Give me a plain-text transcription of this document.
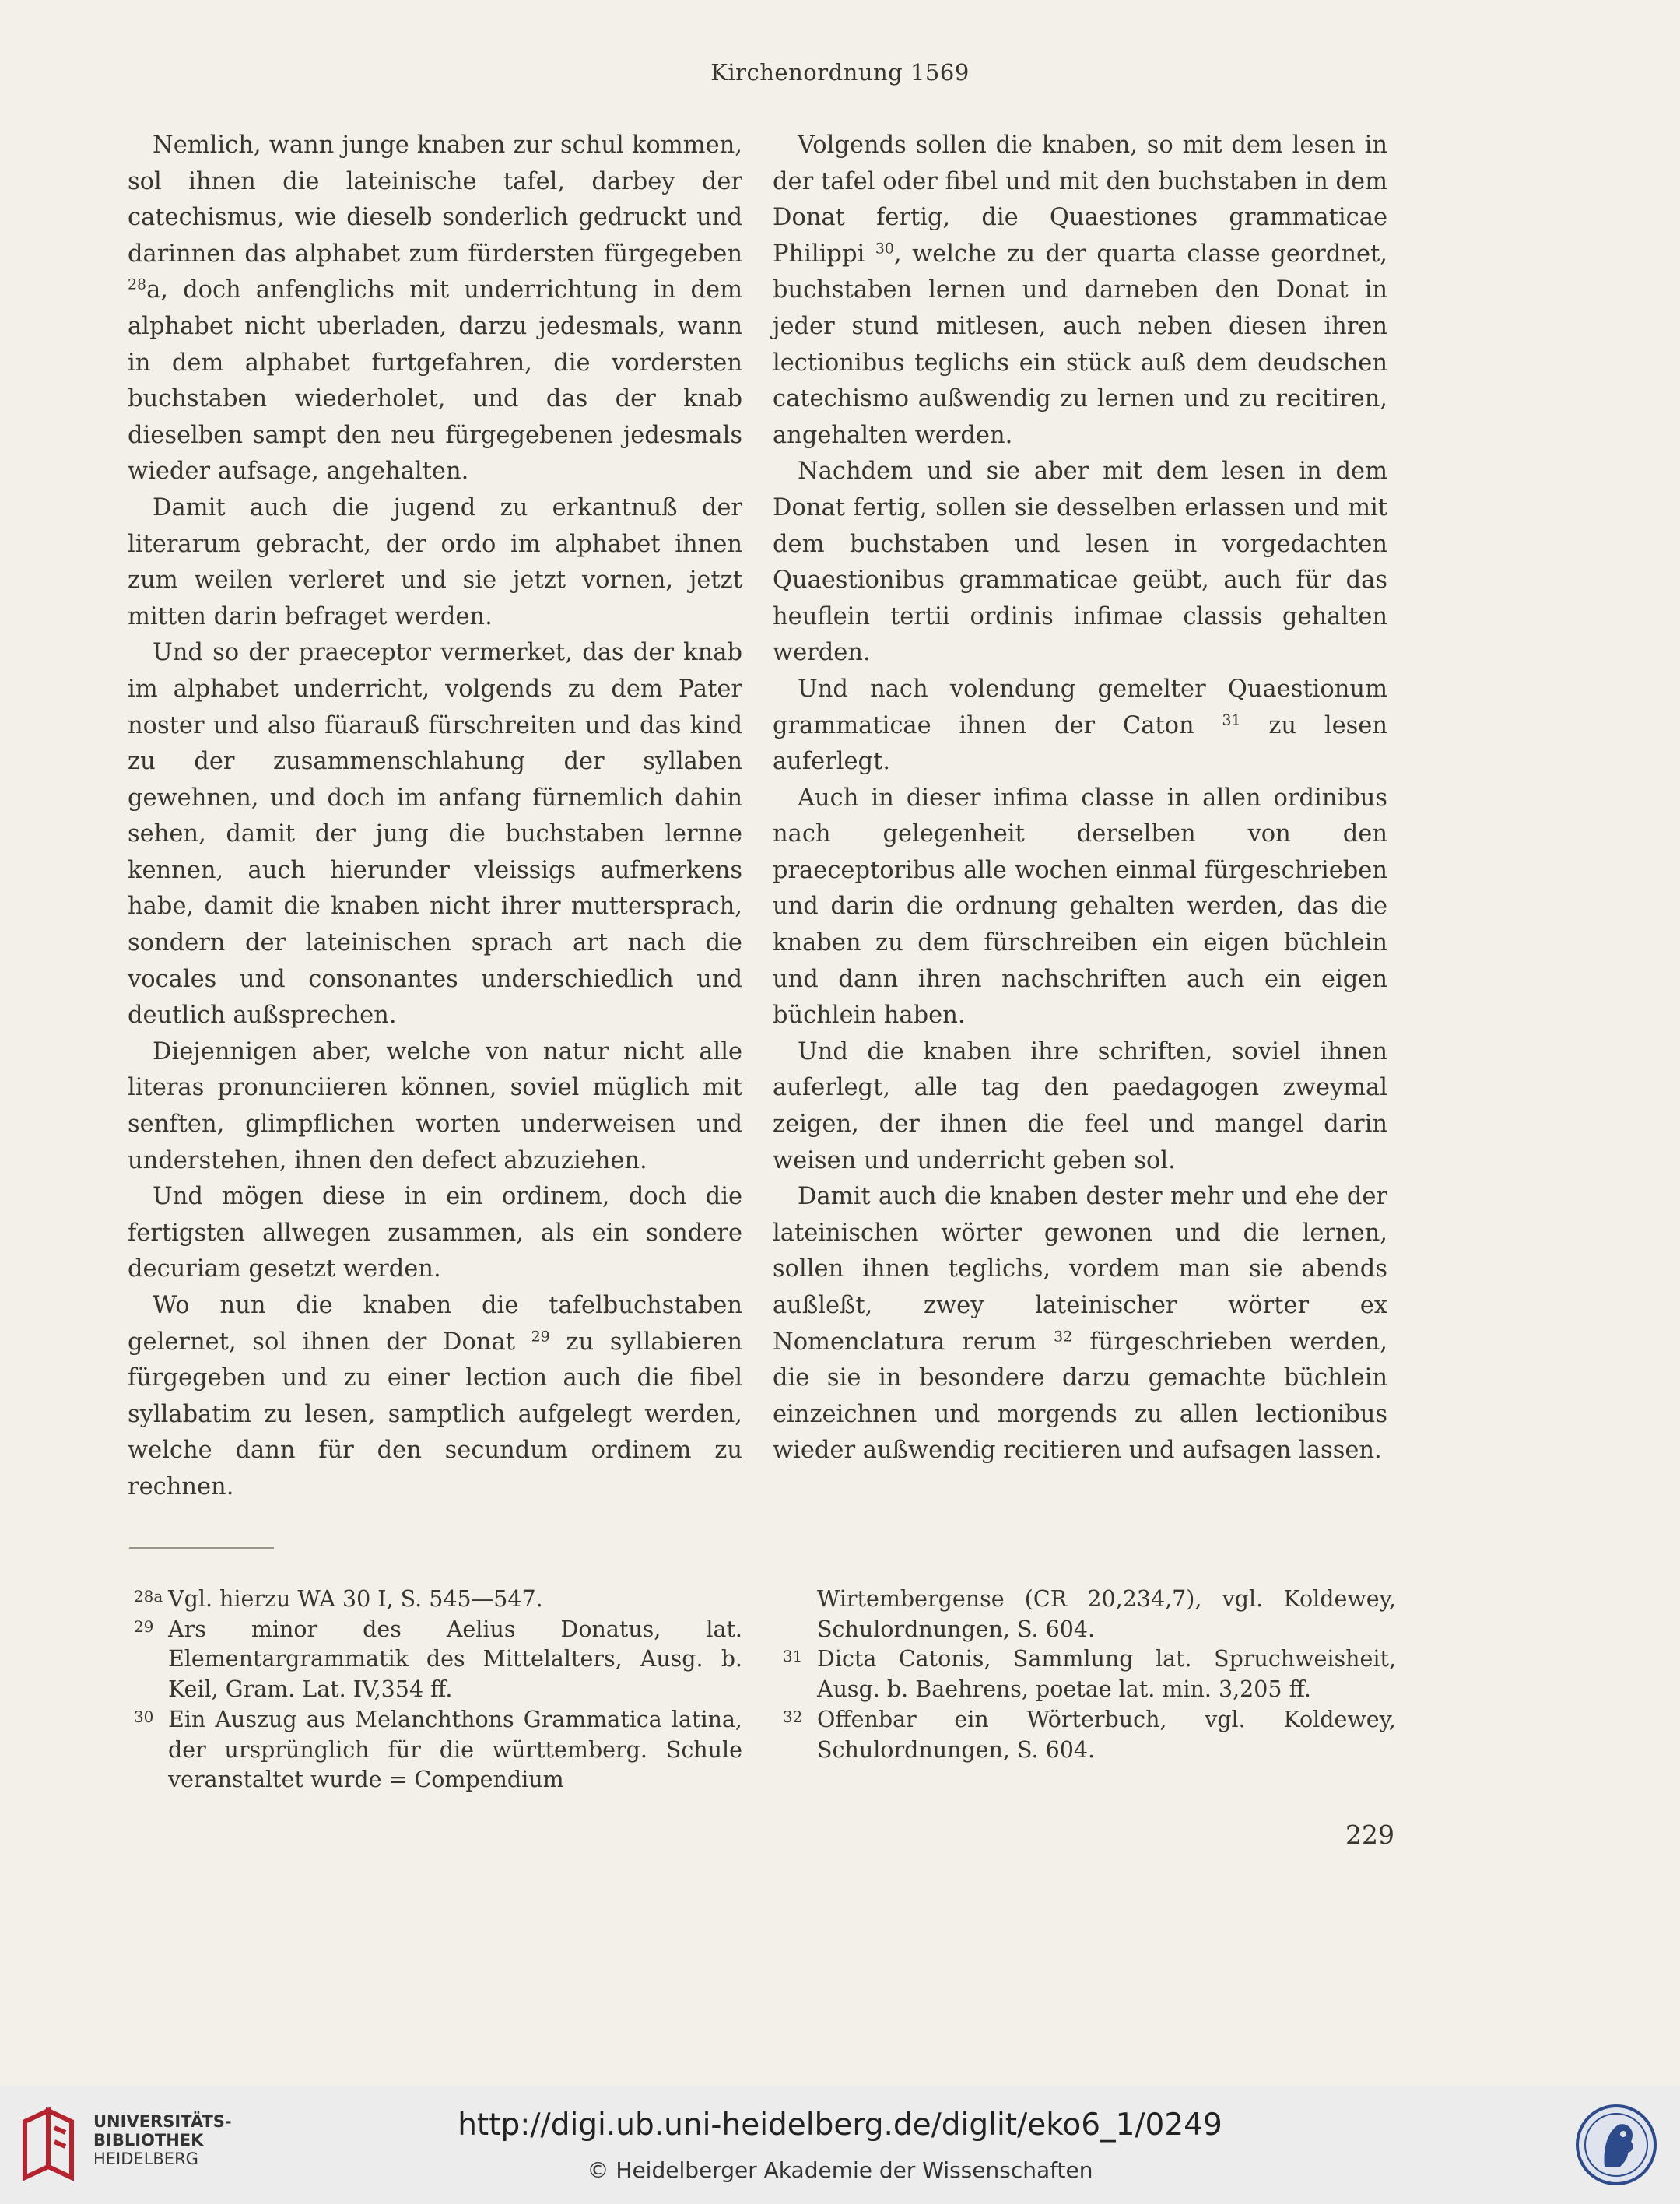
Kirchenordnung 1569

Nemlich, wann junge knaben zur schul kommen, sol ihnen die lateinische tafel, darbey der catechismus, wie dieselb sonderlich gedruckt und darinnen das alphabet zum fürdersten fürgegeben $^{28}$a, doch anfenglichs mit underrichtung in dem alphabet nicht uberladen, darzu jedesmals, wann in dem alphabet furtgefahren, die vordersten buchstaben wiederholet, und das der knab dieselben sampt den neu fürgegebenen jedesmals wieder aufsage, angehalten.

Damit auch die jugend zu erkantnuß der literarum gebracht, der ordo im alphabet ihnen zum weilen verleret und sie jetzt vornen, jetzt mitten darin befraget werden.

Und so der praeceptor vermerket, das der knab im alphabet underricht, volgends zu dem Pater noster und also füarauß fürschreiten und das kind zu der zusammenschlahung der syllaben gewehnen, und doch im anfang fürnemlich dahin sehen, damit der jung die buchstaben lernne kennen, auch hierunder vleissigs aufmerkens habe, damit die knaben nicht ihrer muttersprach, sondern der lateinischen sprach art nach die vocales und consonantes underschiedlich und deutlich außsprechen.

Diejennigen aber, welche von natur nicht alle literas pronunciieren können, soviel müglich mit senften, glimpflichen worten underweisen und understehen, ihnen den defect abzuziehen.

Und mögen diese in ein ordinem, doch die fertigsten allwegen zusammen, als ein sondere decuriam gesetzt werden.

Wo nun die knaben die tafelbuchstaben gelernet, sol ihnen der Donat $^{29}$ zu syllabieren fürgegeben und zu einer lection auch die fibel syllabatim zu lesen, samptlich aufgelegt werden, welche dann für den secundum ordinem zu rechnen.

Volgends sollen die knaben, so mit dem lesen in der tafel oder fibel und mit den buchstaben in dem Donat fertig, die Quaestiones grammaticae Philippi $^{30}$, welche zu der quarta classe geordnet, buchstaben lernen und darneben den Donat in jeder stund mitlesen, auch neben diesen ihren lectionibus teglichs ein stück auß dem deudschen catechismo außwendig zu lernen und zu recitiren, angehalten werden.

Nachdem und sie aber mit dem lesen in dem Donat fertig, sollen sie desselben erlassen und mit dem buchstaben und lesen in vorgedachten Quaestionibus grammaticae geübt, auch für das heuflein tertii ordinis infimae classis gehalten werden.

Und nach volendung gemelter Quaestionum grammaticae ihnen der Caton $^{31}$ zu lesen auferlegt.

Auch in dieser infima classe in allen ordinibus nach gelegenheit derselben von den praeceptoribus alle wochen einmal fürgeschrieben und darin die ordnung gehalten werden, das die knaben zu dem fürschreiben ein eigen büchlein und dann ihren nachschriften auch ein eigen büchlein haben.

Und die knaben ihre schriften, soviel ihnen auferlegt, alle tag den paedagogen zweymal zeigen, der ihnen die feel und mangel darin weisen und underricht geben sol.

Damit auch die knaben dester mehr und ehe der lateinischen wörter gewonen und die lernen, sollen ihnen teglichs, vordem man sie abends außleßt, zwey lateinischer wörter ex Nomenclatura rerum $^{32}$ fürgeschrieben werden, die sie in besondere darzu gemachte büchlein einzeichnen und morgends zu allen lectionibus wieder außwendig recitieren und aufsagen lassen.

28a Vgl. hierzu WA 30 I, S. 545—547.
29 Ars minor des Aelius Donatus, lat. Elementargrammatik des Mittelalters, Ausg. b. Keil, Gram. Lat. IV,354 ff.
30 Ein Auszug aus Melanchthons Grammatica latina, der ursprünglich für die württemberg. Schule veranstaltet wurde = Compendium
Wirtembergense (CR 20,234,7), vgl. Koldewey, Schulordnungen, S. 604.
31 Dicta Catonis, Sammlung lat. Spruchweisheit, Ausg. b. Baehrens, poetae lat. min. 3,205 ff.
32 Offenbar ein Wörterbuch, vgl. Koldewey, Schulordnungen, S. 604.
229
UNIVERSITÄTS-
BIBLIOTHEK
HEIDELBERG
http://digi.ub.uni-heidelberg.de/diglit/eko6_1/0249
© Heidelberger Akademie der Wissenschaften
